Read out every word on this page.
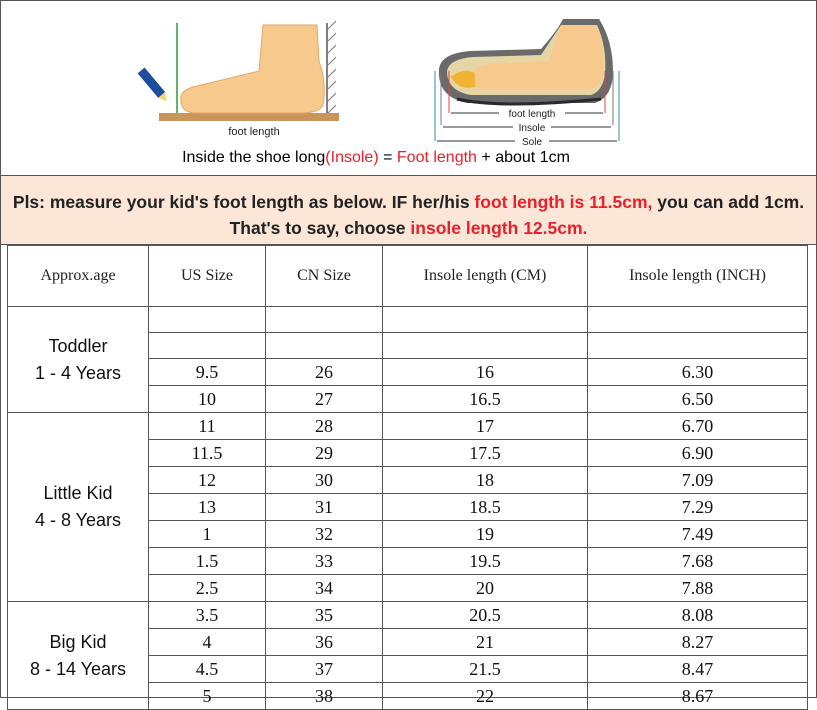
foot length
foot length
Insole
Sole
Inside the shoe long(Insole) = Foot length + about 1cm

Pls: measure your kid's foot length as below. IF her/his foot length is 11.5cm, you can add 1cm. That's to say, choose insole length 12.5cm.

Approx.age	US Size	CN Size	Insole length (CM)	Insole length (INCH)

Toddler
1 - 4 Years				

	9.5	26	16	6.30
	10	27	16.5	6.50

Little Kid
4 - 8 Years	11	28	17	6.70
	11.5	29	17.5	6.90
	12	30	18	7.09
	13	31	18.5	7.29
	1	32	19	7.49
	1.5	33	19.5	7.68
	2.5	34	20	7.88

Big Kid
8 - 14 Years	3.5	35	20.5	8.08
	4	36	21	8.27
	4.5	37	21.5	8.47
	5	38	22	8.67
